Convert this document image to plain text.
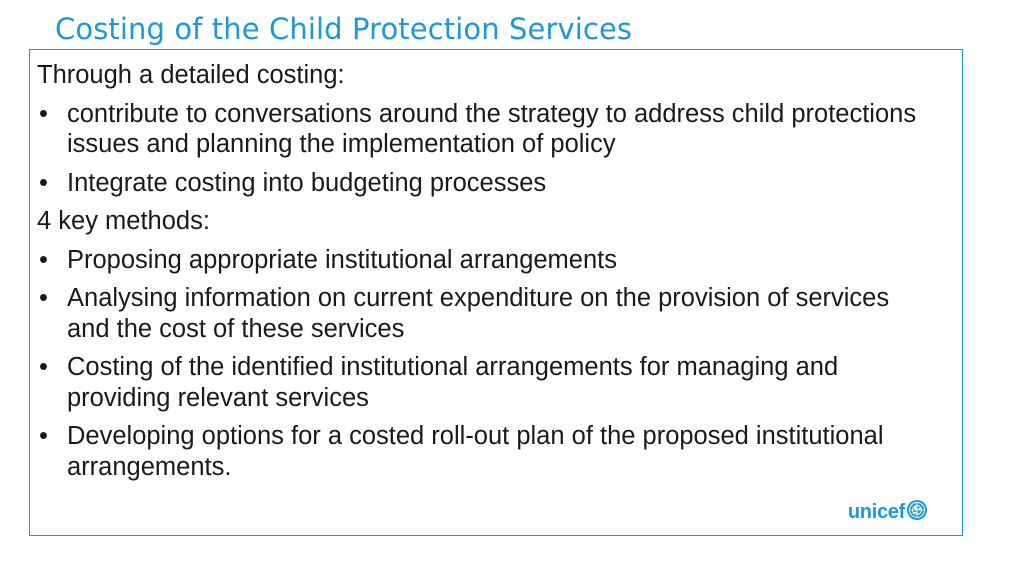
Costing of the Child Protection Services
Through a detailed costing:
• contribute to conversations around the strategy to address child protections issues and planning the implementation of policy
• Integrate costing into budgeting processes
4 key methods:
• Proposing appropriate institutional arrangements
• Analysing information on current expenditure on the provision of services and the cost of these services
• Costing of the identified institutional arrangements for managing and providing relevant services
• Developing options for a costed roll-out plan of the proposed institutional arrangements.
unicef
